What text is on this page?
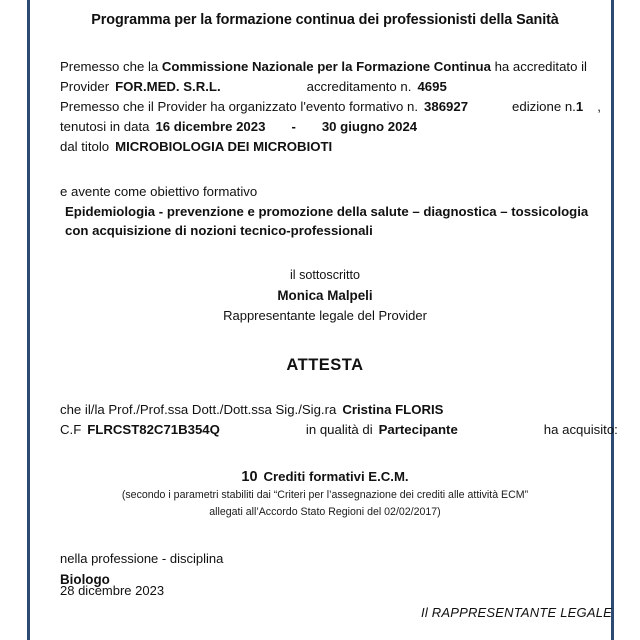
Programma per la formazione continua dei professionisti della Sanità
Premesso che la Commissione Nazionale per la Formazione Continua ha accreditato il
Provider FOR.MED. S.R.L.	accreditamento n. 4695
Premesso che il Provider ha organizzato l'evento formativo n. 386927	edizione n.1 ,
tenutosi in data 16 dicembre 2023 - 30 giugno 2024
dal titolo MICROBIOLOGIA DEI MICROBIOTI
e avente come obiettivo formativo
Epidemiologia - prevenzione e promozione della salute – diagnostica – tossicologia
con acquisizione di nozioni tecnico-professionali
il sottoscritto
Monica Malpeli
Rappresentante legale del Provider
ATTESTA
che il/la Prof./Prof.ssa Dott./Dott.ssa Sig./Sig.ra Cristina FLORIS
C.F FLRCST82C71B354Q	in qualità di Partecipante	ha acquisito:
10 Crediti formativi E.C.M.
(secondo i parametri stabiliti dai “Criteri per l’assegnazione dei crediti alle attività ECM”
allegati all’Accordo Stato Regioni del 02/02/2017)
nella professione - disciplina
Biologo
28 dicembre 2023
Il RAPPRESENTANTE LEGALE
